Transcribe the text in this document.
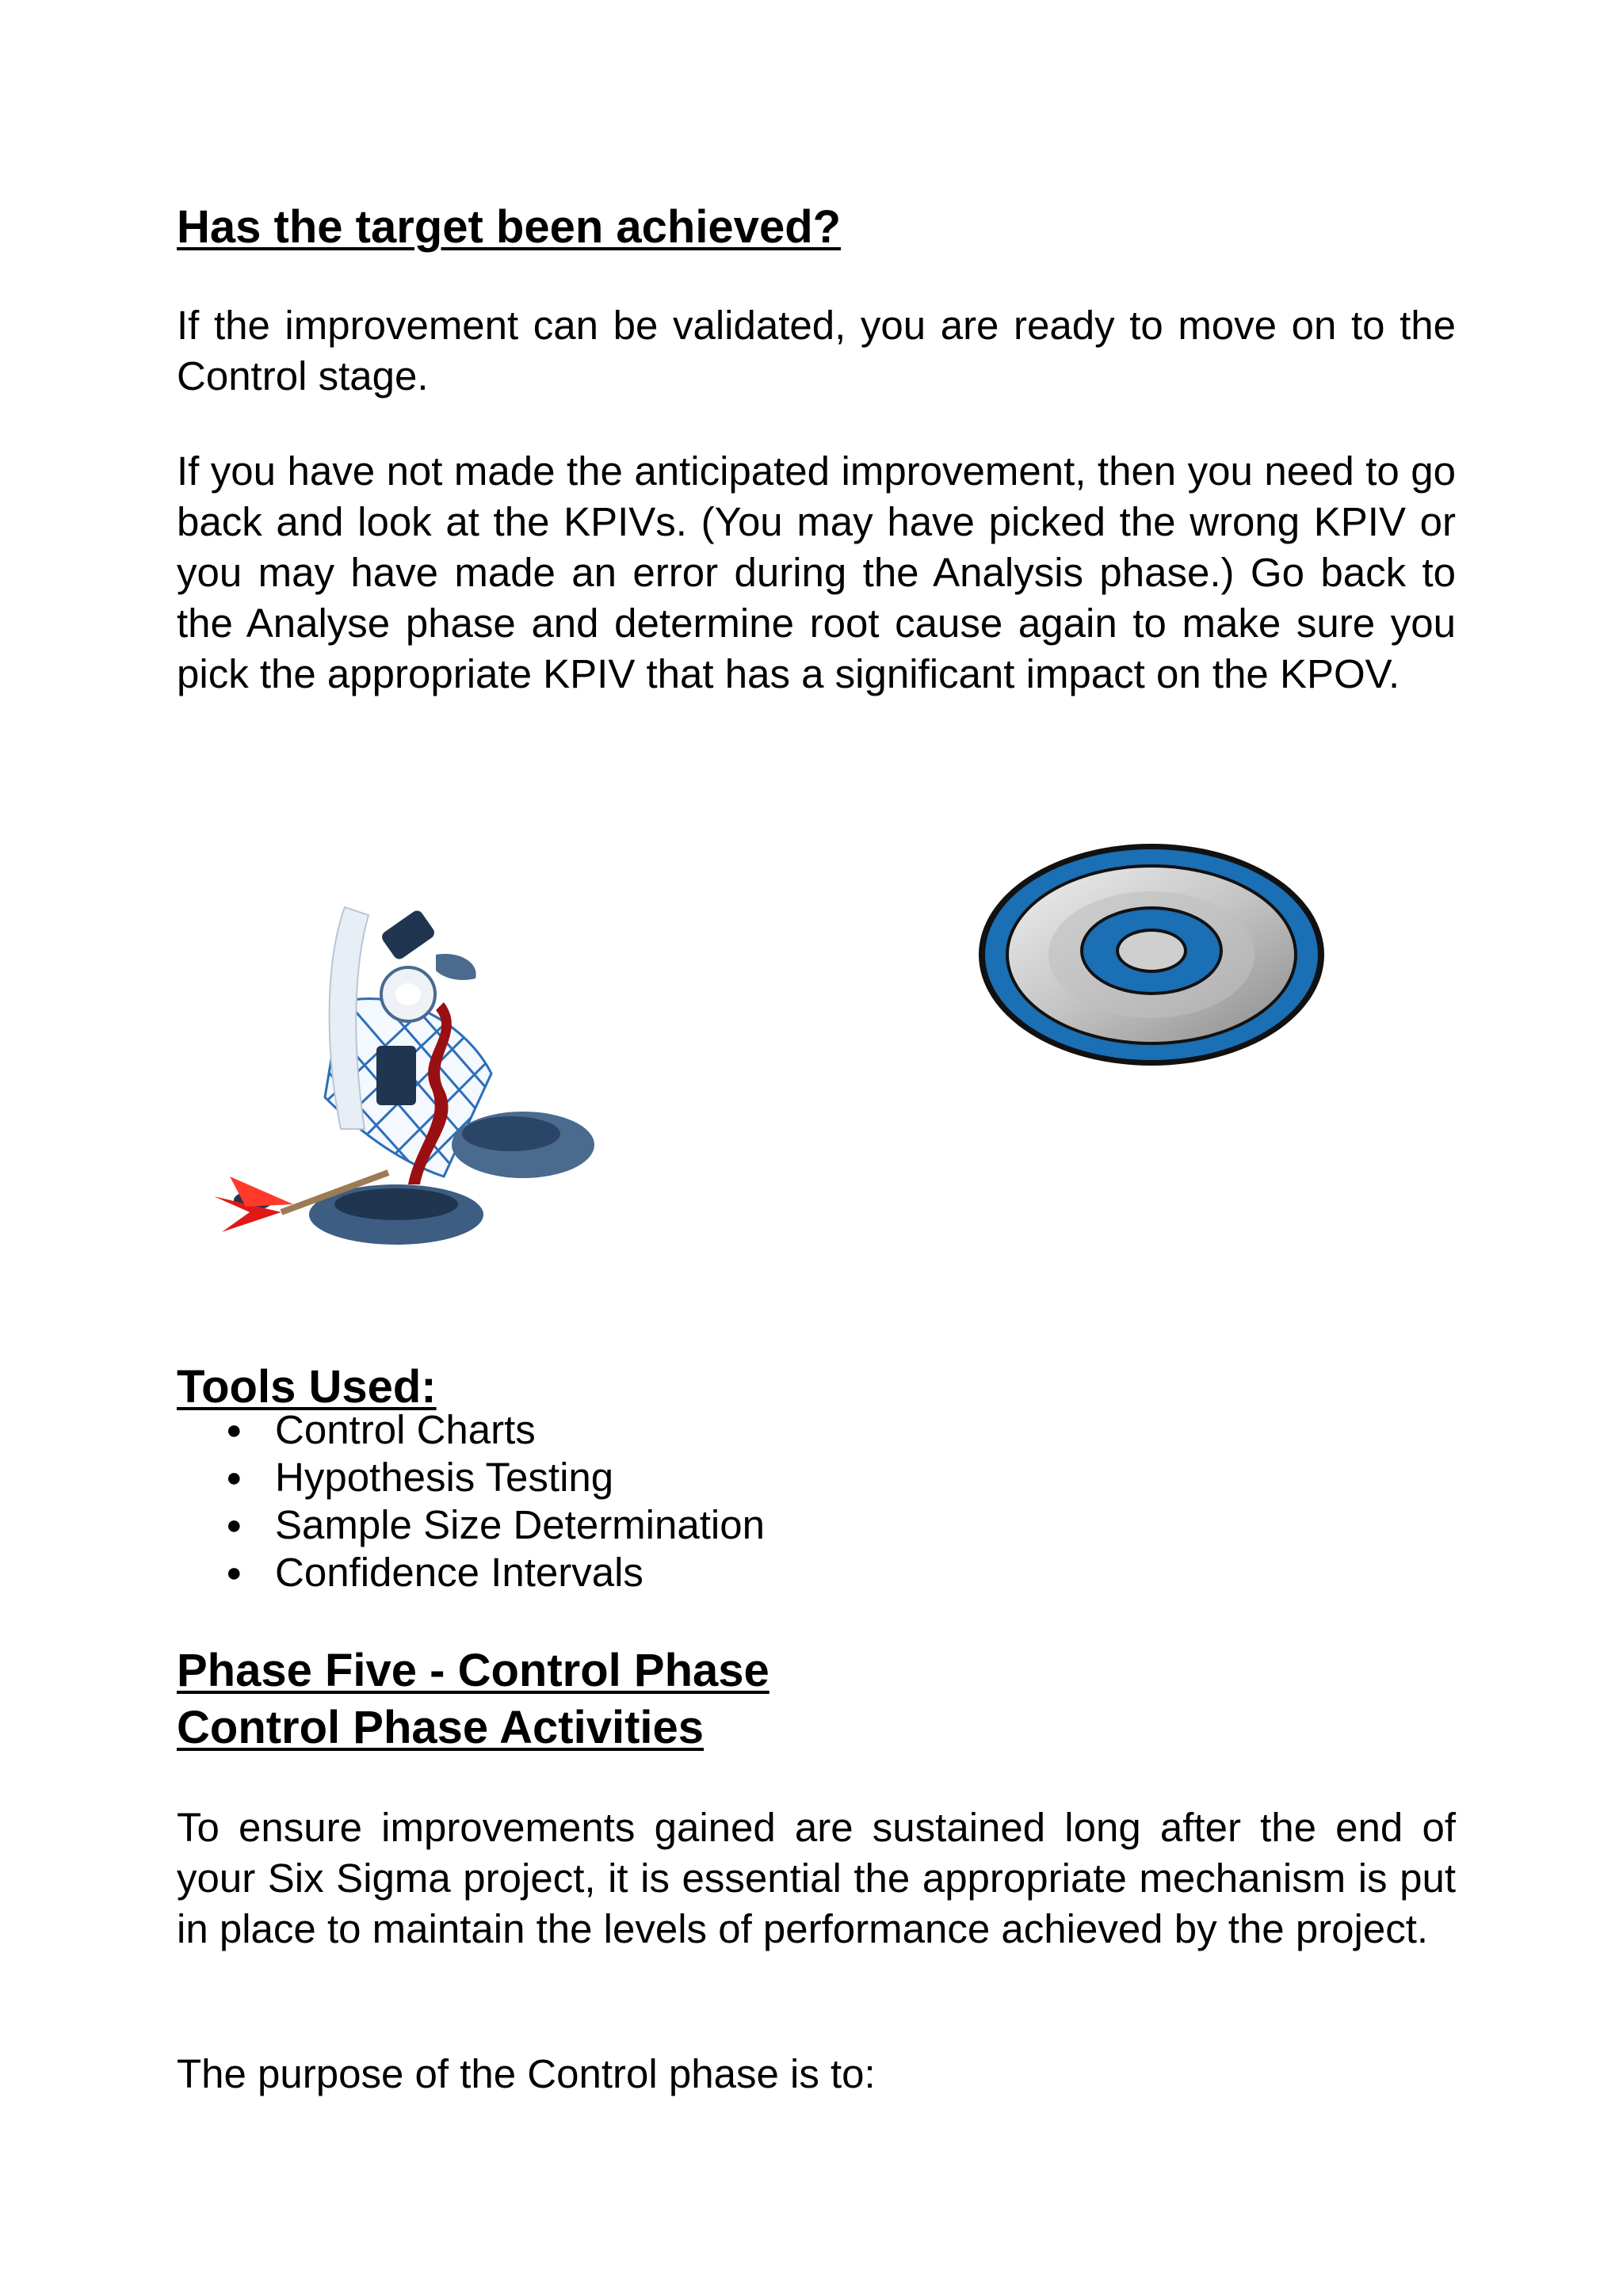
Has the target been achieved?

If the improvement can be validated, you are ready to move on to the Control stage.

If you have not made the anticipated improvement, then you need to go back and look at the KPIVs. (You may have picked the wrong KPIV or you may have made an error during the Analysis phase.) Go back to the Analyse phase and determine root cause again to make sure you pick the appropriate KPIV that has a significant impact on the KPOV.

Tools Used:
● Control Charts
● Hypothesis Testing
● Sample Size Determination
● Confidence Intervals
Phase Five - Control Phase
Control Phase Activities

To ensure improvements gained are sustained long after the end of your Six Sigma project, it is essential the appropriate mechanism is put in place to maintain the levels of performance achieved by the project.

The purpose of the Control phase is to:
